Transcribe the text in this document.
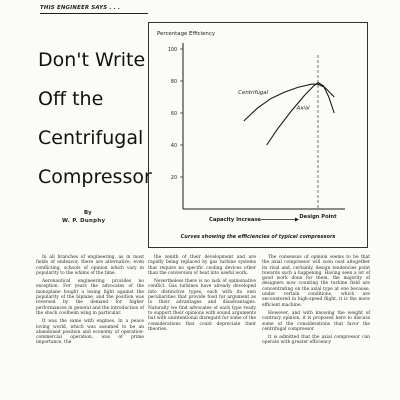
THIS ENGINEER SAYS . . .
Don't Write
Off the
Centrifugal
Compressor
By
W. P. Dunphy
Percentage Efficiency
20
40
60
80
100
Design Point
Capacity Increase
Centrifugal
Axial
Curves showing the efficiencies of typical compressors

In all branches of engineering, as in most fields of endeavor, there are alternative, even conflicting, schools of opinion which vary in popularity to the whims of the time.

Aeronautical engineering provides no exception. For years the advocates of the monoplane fought a losing fight against the popularity of the biplane, and the position was reversed by the demand for higher performances in general and the introduction of the shock coolheim wing in particular.

It was the same with engines. In a peace loving world, which was assumed to be an abandoned position and economy of operation-commercial operation, was of prime importance, the

the zenith of their development and are rapidly being replaced by gas turbine systems that require no specific cooling devices other than the conversion of heat into useful work.

Nevertheless there is no lack of opinionative conflict. Gas turbines have already developed into distinctive types, each with its own peculiarities that provide food for argument as to their advantages and disadvantages. Naturally we find advocates of each type ready to support their opinions with sound arguments but with unintentional disregard for some of the considerations that could depreciate their theories.

The consensus of opinion seems to be that the axial compressor will soon oust altogether its rival and, certainly, design tendencies point towards such a happening. Having seen a lot of good work done for them, the majority of designers now counting the turbine field are concentrating on the axial type at one because, under certain conditions, which are encountered in high-speed flight, it is the more efficient machine.

However, and with knowing the weight of contrary opinion, it is proposed here to discuss some of the considerations that favor the centrifugal compressor.

It is admitted that the axial compressor can operate with greater efficiency
